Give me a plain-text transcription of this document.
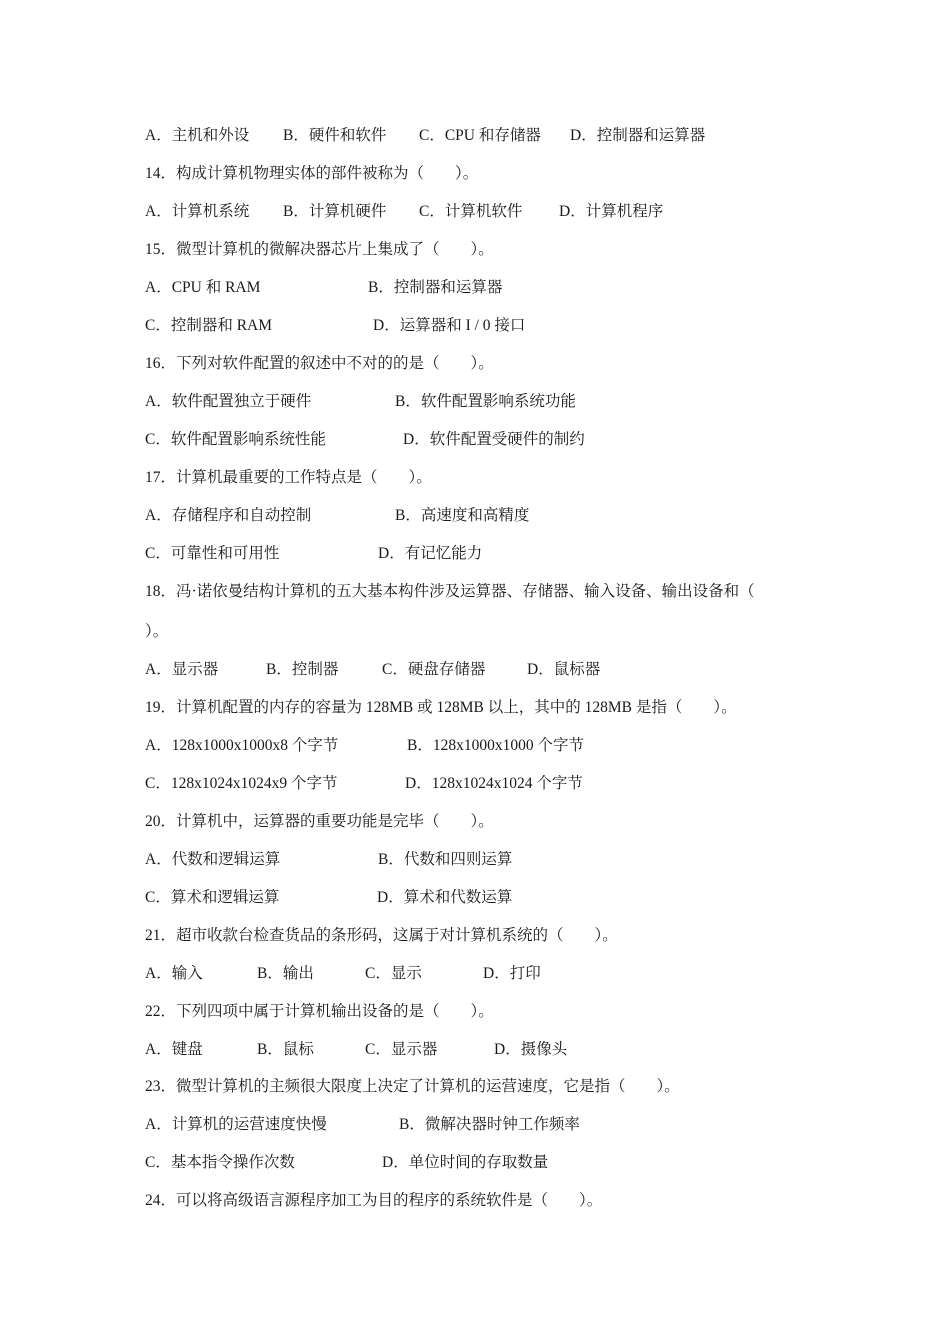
A．主机和外设 B．硬件和软件 C．CPU 和存储器 D．控制器和运算器
14．构成计算机物理实体的部件被称为（　　）。
A．计算机系统 B．计算机硬件 C．计算机软件 D．计算机程序
15．微型计算机的微解决器芯片上集成了（　　）。
A．CPU 和 RAM	B．控制器和运算器
C．控制器和 RAM	D．运算器和 I / 0 接口
16．下列对软件配置的叙述中不对的的是（　　）。
A．软件配置独立于硬件	B．软件配置影响系统功能
C．软件配置影响系统性能	D．软件配置受硬件的制约
17．计算机最重要的工作特点是（　　）。
A．存储程序和自动控制	B．高速度和高精度
C．可靠性和可用性	D．有记忆能力
18．冯·诺依曼结构计算机的五大基本构件涉及运算器、存储器、输入设备、输出设备和（
）。
A．显示器	B．控制器	C．硬盘存储器	D．鼠标器
19．计算机配置的内存的容量为 128MB 或 128MB 以上，其中的 128MB 是指（　　）。
A．128x1000x1000x8 个字节	B．128x1000x1000 个字节
C．128x1024x1024x9 个字节	D．128x1024x1024 个字节
20．计算机中，运算器的重要功能是完毕（　　）。
A．代数和逻辑运算	B．代数和四则运算
C．算术和逻辑运算	D．算术和代数运算
21．超市收款台检查货品的条形码，这属于对计算机系统的（　　）。
A．输入	B．输出	C．显示	D．打印
22．下列四项中属于计算机输出设备的是（　　）。
A．键盘	B．鼠标	C．显示器	D．摄像头
23．微型计算机的主频很大限度上决定了计算机的运营速度，它是指（　　）。
A．计算机的运营速度快慢	B．微解决器时钟工作频率
C．基本指令操作次数	D．单位时间的存取数量
24．可以将高级语言源程序加工为目的程序的系统软件是（　　）。
